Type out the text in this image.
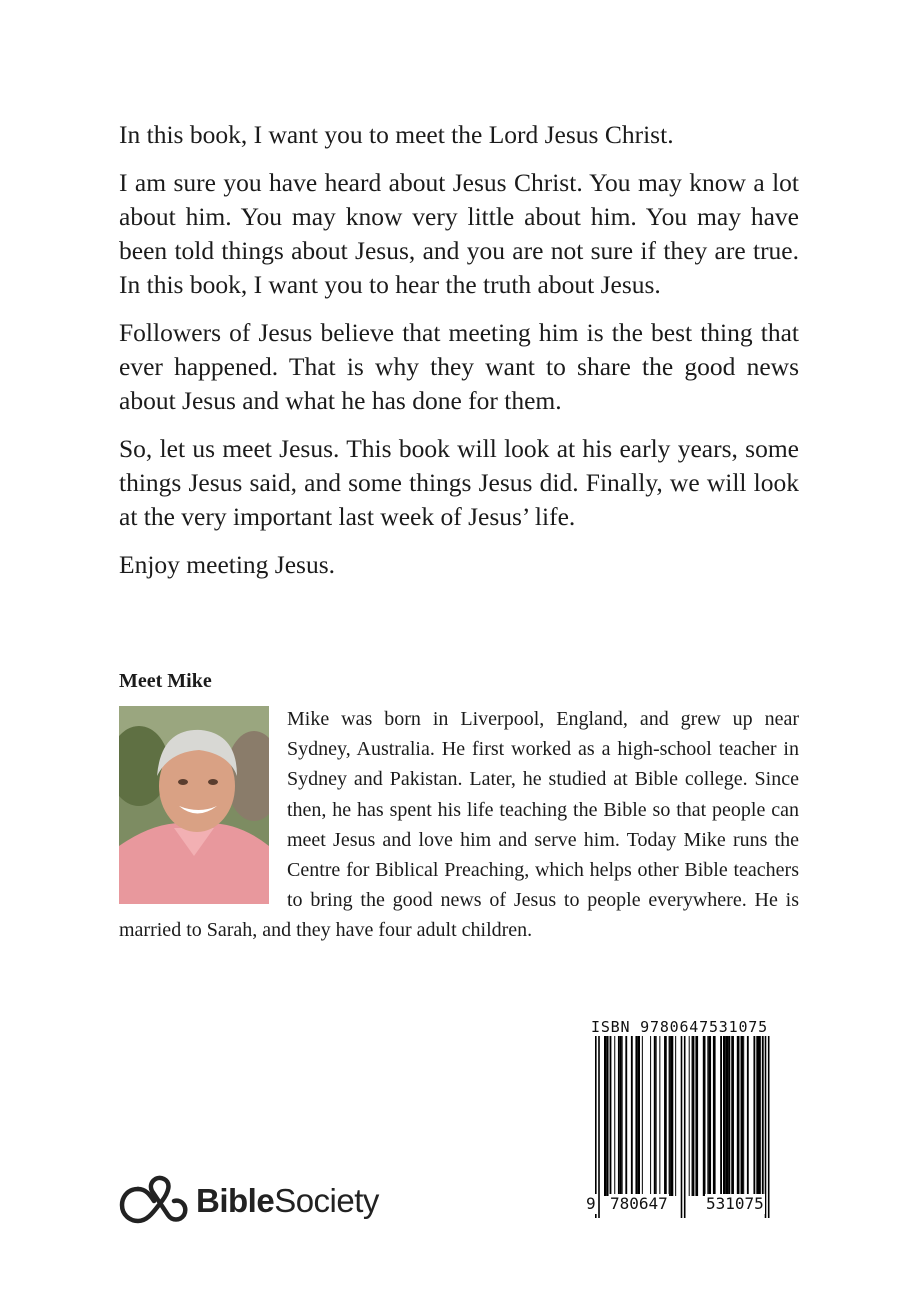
In this book, I want you to meet the Lord Jesus Christ.

I am sure you have heard about Jesus Christ. You may know a lot about him. You may know very little about him. You may have been told things about Jesus, and you are not sure if they are true. In this book, I want you to hear the truth about Jesus.

Followers of Jesus believe that meeting him is the best thing that ever happened. That is why they want to share the good news about Jesus and what he has done for them.

So, let us meet Jesus. This book will look at his early years, some things Jesus said, and some things Jesus did. Finally, we will look at the very important last week of Jesus’ life.

Enjoy meeting Jesus.

Meet Mike

Mike was born in Liverpool, England, and grew up near Sydney, Australia. He first worked as a high-school teacher in Sydney and Pakistan. Later, he studied at Bible college. Since then, he has spent his life teaching the Bible so that people can meet Jesus and love him and serve him. Today Mike runs the Centre for Biblical Preaching, which helps other Bible teachers to bring the good news of Jesus to people everywhere. He is married to Sarah, and they have four adult children.

ISBN 9780647531075
9 780647 531075
BibleSociety
